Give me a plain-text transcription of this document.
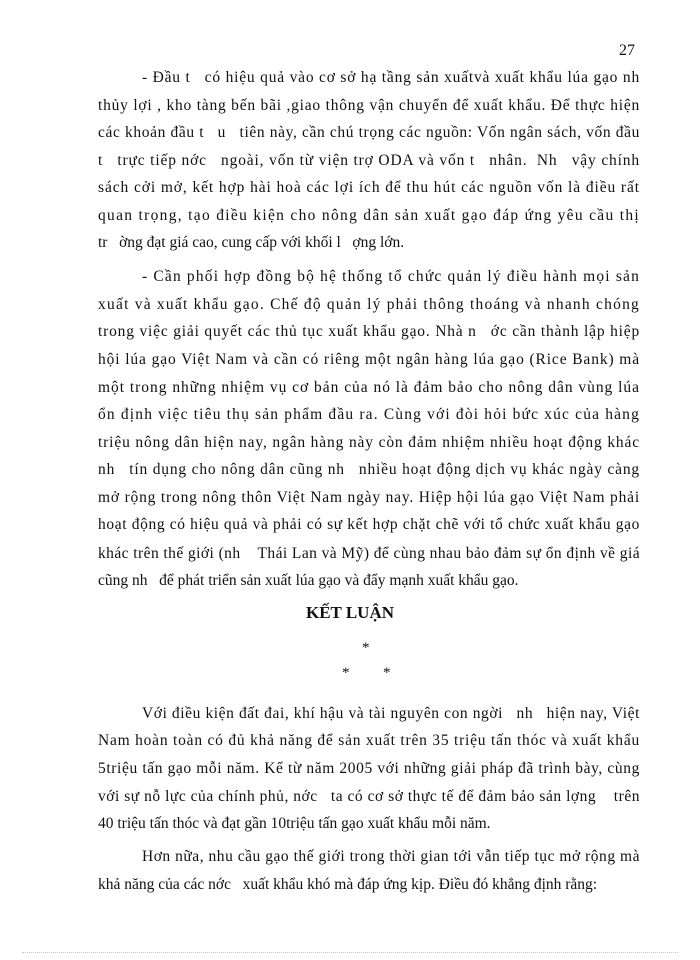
27
- Đầu t   có hiệu quả vào cơ sở hạ tầng sản xuấtvà xuất khẩu lúa gạo nh
thủy lợi , kho tàng bến bãi ,giao thông vận chuyển để xuất khẩu. Để thực hiện
các khoản đầu t   u   tiên này, cần chú trọng các nguồn: Vốn ngân sách, vốn đầu
t   trực tiếp nớc   ngoài, vốn từ viện trợ ODA và vốn t   nhân.  Nh   vậy chính
sách cởi mở, kết hợp hài hoà các lợi ích để thu hút các nguồn vốn là điều rất
quan trọng, tạo điều kiện cho nông dân sản xuất gạo đáp ứng yêu cầu thị
tr   ờng đạt giá cao, cung cấp với khối l   ợng lớn.
- Cần phối hợp đồng bộ hệ thống tổ chức quản lý điều hành mọi sản
xuất và xuất khẩu gạo. Chế độ quản lý phải thông thoáng và nhanh chóng
trong việc giải quyết các thủ tục xuất khẩu gạo. Nhà n   ớc cần thành lập hiệp
hội lúa gạo Việt Nam và cần có riêng một ngân hàng lúa gạo (Rice Bank) mà
một trong những nhiệm vụ cơ bản của nó là đảm bảo cho nông dân vùng lúa
ổn định việc tiêu thụ sản phẩm đầu ra. Cùng với đòi hỏi bức xúc của hàng
triệu nông dân hiện nay, ngân hàng này còn đảm nhiệm nhiều hoạt động khác
nh   tín dụng cho nông dân cũng nh   nhiều hoạt động dịch vụ khác ngày càng
mở rộng trong nông thôn Việt Nam ngày nay. Hiệp hội lúa gạo Việt Nam phải
hoạt động có hiệu quả và phải có sự kết hợp chặt chẽ với tổ chức xuất khẩu gạo
khác trên thế giới (nh    Thái Lan và Mỹ) để cùng nhau bảo đảm sự ổn định về giá
cũng nh   để phát triển sản xuất lúa gạo và đẩy mạnh xuất khẩu gạo.
KẾT LUẬN
*
* *
Với điều kiện đất đai, khí hậu và tài nguyên con ngời   nh   hiện nay, Việt
Nam hoàn toàn có đủ khả năng để sản xuất trên 35 triệu tấn thóc và xuất khẩu
5triệu tấn gạo mỗi năm. Kể từ năm 2005 với những giải pháp đã trình bày, cùng
với sự nỗ lực của chính phủ, nớc   ta có cơ sở thực tế để đảm bảo sản lợng    trên
40 triệu tấn thóc và đạt gần 10triệu tấn gạo xuất khẩu mỗi năm.
Hơn nữa, nhu cầu gạo thế giới trong thời gian tới vẫn tiếp tục mở rộng mà
khả năng của các nớc   xuất khẩu khó mà đáp ứng kịp. Điều đó khẳng định rằng:
